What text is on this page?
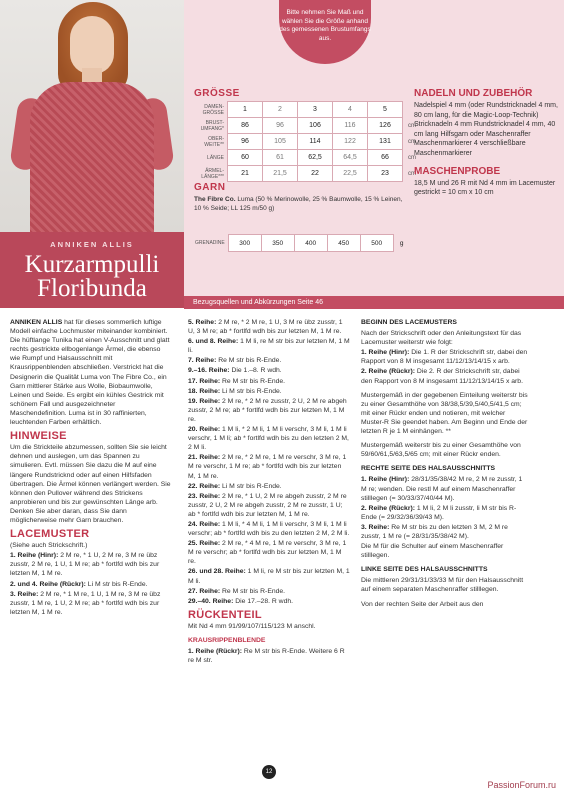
ANNIKEN ALLIS
Kurzarmpulli
Floribunda
Bitte nehmen Sie Maß und wählen Sie die Größe anhand des gemessenen Brustumfangs aus.
GRÖSSE
DAMEN-GRÖSSE	1	2	3	4	5	
BRUST-UMFANG*	86	96	106	116	126	cm
OBER-WEITE**	96	105	114	122	131	cm
LÄNGE	60	61	62,5	64,5	66	cm
ÄRMEL-LÄNGE***	21	21,5	22	22,5	23	cm
GARN
The Fibre Co. Luma (50 % Merinowolle, 25 % Baumwolle, 15 % Leinen, 10 % Seide; LL 125 m/50 g)
GRENADINE	300	350	400	450	500	g
NADELN UND ZUBEHÖR
Nadelspiel 4 mm (oder Rundstricknadel 4 mm, 80 cm lang, für die Magic-Loop-Technik) Stricknadeln 4 mm Rundstricknadel 4 mm, 40 cm lang Hilfsgarn oder Maschenraffer Maschenmarkierer 4 verschließbare Maschenmarkierer
MASCHENPROBE
18,5 M und 26 R mit Nd 4 mm im Lacemuster gestrickt = 10 cm x 10 cm
Bezugsquellen und Abkürzungen Seite 46

ANNIKEN ALLIS hat für dieses sommerlich luftige Modell einfache Lochmuster miteinander kombiniert. Die hüftlange Tunika hat einen V-Ausschnitt und glatt rechts gestrickte ellbogenlange Ärmel, die ebenso wie Rumpf und Halsausschnitt mit Krausrippenblenden abschließen. Verstrickt hat die Designerin die Qualität Luma von The Fibre Co., ein Garn mittlerer Stärke aus Wolle, Biobaumwolle, Leinen und Seide. Es ergibt ein kühles Gestrick mit schönem Fall und ausgezeichneter Maschendefinition. Luma ist in 30 raffinierten, leuchtenden Farben erhältlich.

HINWEISE

Um die Strickteile abzumessen, sollten Sie sie leicht dehnen und auslegen, um das Spannen zu simulieren. Evtl. müssen Sie dazu die M auf eine längere Rundstricknd oder auf einen Hilfsfaden übertragen. Die Ärmel können verlängert werden. Sie können den Pullover während des Strickens anprobieren und bis zur gewünschten Länge arb. Denken Sie aber daran, dass Sie dann möglicherweise mehr Garn brauchen.

LACEMUSTER

(Siehe auch Strickschrift.)

1. Reihe (Hinr): 2 M re, * 1 U, 2 M re, 3 M re übz zusstr, 2 M re, 1 U, 1 M re; ab * fortlfd wdh bis zur letzten M, 1 M re.

2. und 4. Reihe (Rückr): Li M str bis R-Ende.

3. Reihe: 2 M re, * 1 M re, 1 U, 1 M re, 3 M re übz zusstr, 1 M re, 1 U, 2 M re; ab * fortlfd wdh bis zur letzten M, 1 M re.

5. Reihe: 2 M re, * 2 M re, 1 U, 3 M re übz zusstr, 1 U, 3 M re; ab * fortlfd wdh bis zur letzten M, 1 M re.

6. und 8. Reihe: 1 M li, re M str bis zur letzten M, 1 M li.

7. Reihe: Re M str bis R-Ende.

9.–16. Reihe: Die 1.–8. R wdh.

17. Reihe: Re M str bis R-Ende.

18. Reihe: Li M str bis R-Ende.

19. Reihe: 2 M re, * 2 M re zusstr, 2 U, 2 M re abgeh zusstr, 2 M re; ab * fortlfd wdh bis zur letzten M, 1 M re.

20. Reihe: 1 M li, * 2 M li, 1 M li verschr, 3 M li, 1 M li verschr, 1 M li; ab * fortlfd wdh bis zu den letzten 2 M, 2 M li.

21. Reihe: 2 M re, * 2 M re, 1 M re verschr, 3 M re, 1 M re verschr, 1 M re; ab * fortlfd wdh bis zur letzten M, 1 M re.

22. Reihe: Li M str bis R-Ende.

23. Reihe: 2 M re, * 1 U, 2 M re abgeh zusstr, 2 M re zusstr, 2 U, 2 M re abgeh zusstr, 2 M re zusstr, 1 U; ab * fortlfd wdh bis zur letzten M, 1 M re.

24. Reihe: 1 M li, * 4 M li, 1 M li verschr, 3 M li, 1 M li verschr; ab * fortlfd wdh bis zu den letzten 2 M, 2 M li.

25. Reihe: 2 M re, * 4 M re, 1 M re verschr, 3 M re, 1 M re verschr; ab * fortlfd wdh bis zur letzten M, 1 M re.

26. und 28. Reihe: 1 M li, re M str bis zur letzten M, 1 M li.

27. Reihe: Re M str bis R-Ende.

29.–40. Reihe: Die 17.–28. R wdh.

RÜCKENTEIL

Mit Nd 4 mm 91/99/107/115/123 M anschl.

KRAUSRIPPENBLENDE

1. Reihe (Rückr): Re M str bis R-Ende. Weitere 6 R re M str.

BEGINN DES LACEMUSTERS

Nach der Strickschrift oder den Anleitungstext für das Lacemuster weiterstr wie folgt:

1. Reihe (Hinr): Die 1. R der Strickschrift str, dabei den Rapport von 8 M insgesamt 11/12/13/14/15 x arb.

2. Reihe (Rückr): Die 2. R der Strickschrift str, dabei den Rapport von 8 M insgesamt 11/12/13/14/15 x arb.

Mustergemäß in der gegebenen Einteilung weiterstr bis zu einer Gesamthöhe von 38/38,5/39,5/40,5/41,5 cm; mit einer Rückr enden und notieren, mit welcher Muster-R Sie geendet haben. Am Beginn und Ende der letzten R je 1 M einhängen. **

Mustergemäß weiterstr bis zu einer Gesamthöhe von 59/60/61,5/63,5/65 cm; mit einer Rückr enden.

RECHTE SEITE DES HALSAUSSCHNITTS

1. Reihe (Hinr): 28/31/35/38/42 M re, 2 M re zusstr, 1 M re; wenden. Die restl M auf einem Maschenraffer stilllegen (= 30/33/37/40/44 M).

2. Reihe (Rückr): 1 M li, 2 M li zusstr, li M str bis R-Ende (= 29/32/36/39/43 M).

3. Reihe: Re M str bis zu den letzten 3 M, 2 M re zusstr, 1 M re (= 28/31/35/38/42 M).

Die M für die Schulter auf einem Maschenraffer stilllegen.

LINKE SEITE DES HALSAUSSCHNITTS

Die mittleren 29/31/31/33/33 M für den Halsausschnitt auf einem separaten Maschenraffer stilllegen.

Von der rechten Seite der Arbeit aus den

12
PassionForum.ru
